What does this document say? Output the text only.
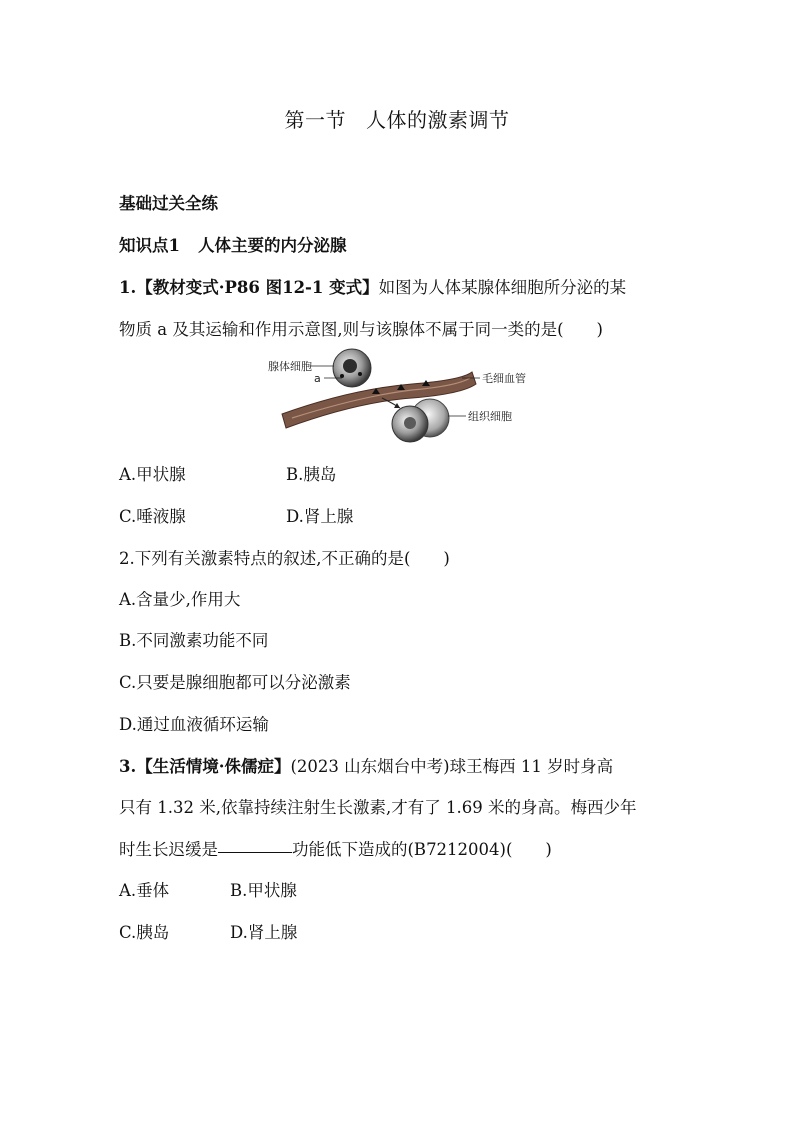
第一节 人体的激素调节
基础过关全练
知识点1 人体主要的内分泌腺
1.【教材变式·P86 图12-1 变式】如图为人体某腺体细胞所分泌的某
物质 a 及其运输和作用示意图,则与该腺体不属于同一类的是(　　)
腺体细胞
a	毛细血管
组织细胞
A.甲状腺	B.胰岛
C.唾液腺	D.肾上腺
2.下列有关激素特点的叙述,不正确的是(　　)
A.含量少,作用大
B.不同激素功能不同
C.只要是腺细胞都可以分泌激素
D.通过血液循环运输
3.【生活情境·侏儒症】(2023 山东烟台中考)球王梅西 11 岁时身高
只有 1.32 米,依靠持续注射生长激素,才有了 1.69 米的身高。梅西少年
时生长迟缓是	功能低下造成的(B7212004)(　　)
A.垂体	B.甲状腺
C.胰岛	D.肾上腺
